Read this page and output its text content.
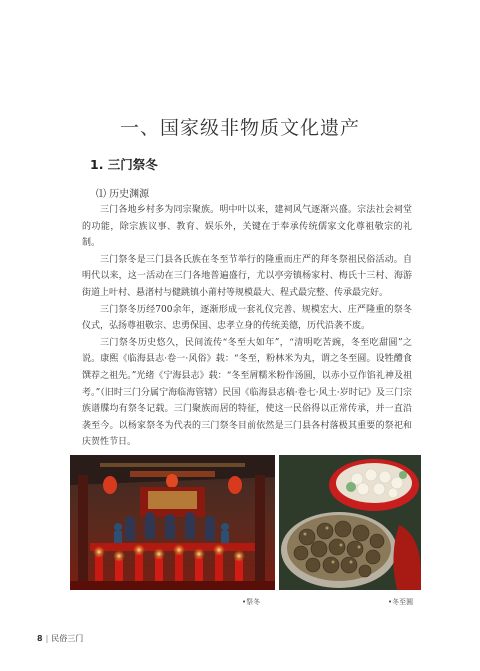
一、国家级非物质文化遗产
1. 三门祭冬
⑴ 历史渊源

三门各地乡村多为同宗聚族。明中叶以来，建祠风气逐渐兴盛。宗法社会祠堂的功能，除宗族议事、教育、娱乐外，关键在于奉承传统儒家文化尊祖敬宗的礼制。

三门祭冬是三门县各氏族在冬至节举行的隆重而庄严的拜冬祭祖民俗活动。自明代以来，这一活动在三门各地普遍盛行，尤以亭旁镇杨家村、梅氏十三村、海游街道上叶村、悬渚村与健跳镇小莆村等规模最大、程式最完整、传承最完好。

三门祭冬历经700余年，逐渐形成一套礼仪完善、规模宏大、庄严隆重的祭冬仪式，弘扬尊祖敬宗、忠勇保国、忠孝立身的传统美德，历代沿袭不废。

三门祭冬历史悠久，民间流传“冬至大如年”，“清明吃苦豌，冬至吃甜圆”之说。康熙《临海县志·卷一·风俗》载：“冬至，粉林米为丸，谓之冬至圆。设牲醴食馔荐之祖先。”光绪《宁海县志》载：“冬至屑糯米粉作汤圆，以赤小豆作馅礼神及祖考。”（旧时三门分属宁海临海管辖）民国《临海县志稿·卷七·风土·岁时记》及三门宗族谱牒均有祭冬记载。三门聚族而居的特征，使这一民俗得以正常传承，并一直沿袭至今。以杨家祭冬为代表的三门祭冬目前依然是三门县各村落极其重要的祭祀和庆贺性节日。

•祭冬	•冬至圆
8 | 民俗三门
